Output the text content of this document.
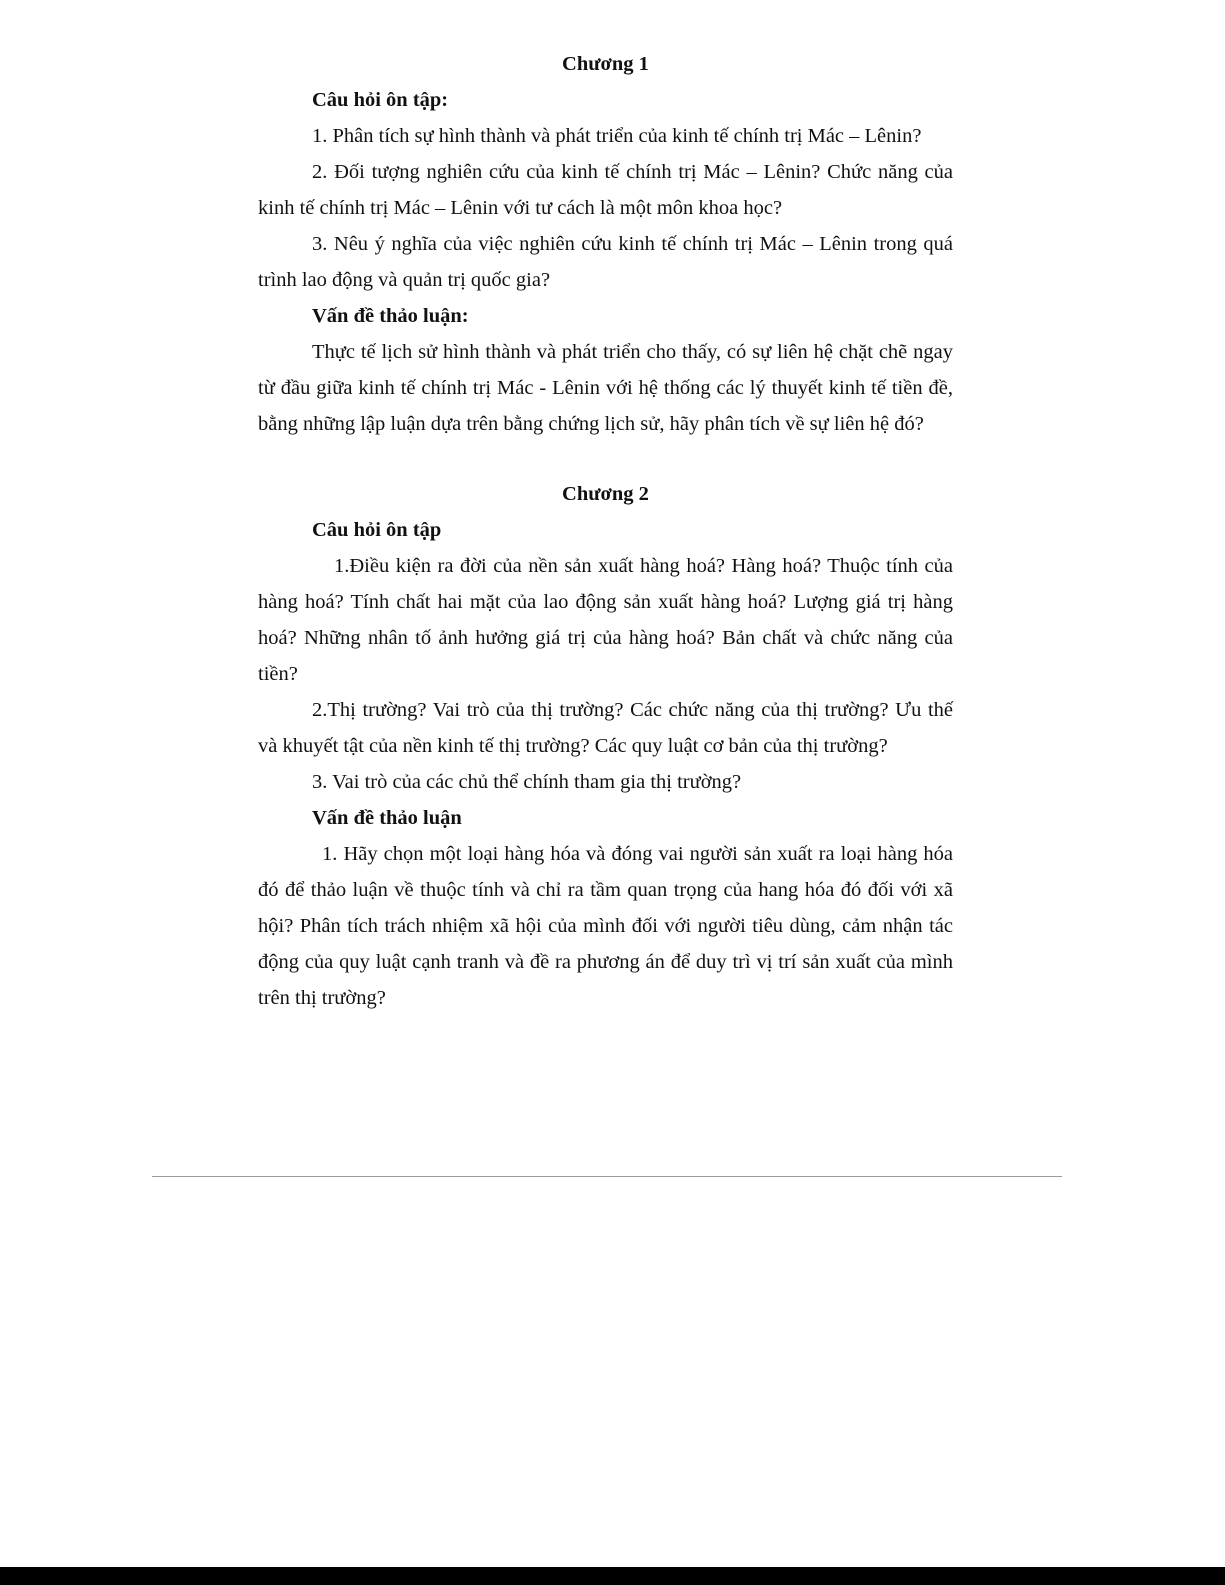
Chương 1

Câu hỏi ôn tập:

1. Phân tích sự hình thành và phát triển của kinh tế chính trị Mác – Lênin?

2. Đối tượng nghiên cứu của kinh tế chính trị Mác – Lênin? Chức năng của kinh tế chính trị Mác – Lênin với tư cách là một môn khoa học?

3. Nêu ý nghĩa của việc nghiên cứu kinh tế chính trị Mác – Lênin trong quá trình lao động và quản trị quốc gia?

Vấn đề thảo luận:

Thực tế lịch sử hình thành và phát triển cho thấy, có sự liên hệ chặt chẽ ngay từ đầu giữa kinh tế chính trị Mác - Lênin với hệ thống các lý thuyết kinh tế tiền đề, bằng những lập luận dựa trên bằng chứng lịch sử, hãy phân tích về sự liên hệ đó?

Chương 2

Câu hỏi ôn tập

1.Điều kiện ra đời của nền sản xuất hàng hoá? Hàng hoá? Thuộc tính của hàng hoá? Tính chất hai mặt của lao động sản xuất hàng hoá? Lượng giá trị hàng hoá? Những nhân tố ảnh hưởng giá trị của hàng hoá? Bản chất và chức năng của tiền?

2.Thị trường? Vai trò của thị trường? Các chức năng của thị trường? Ưu thế và khuyết tật của nền kinh tế thị trường? Các quy luật cơ bản của thị trường?

3. Vai trò của các chủ thể chính tham gia thị trường?

Vấn đề thảo luận

1. Hãy chọn một loại hàng hóa và đóng vai người sản xuất ra loại hàng hóa đó để thảo luận về thuộc tính và chỉ ra tầm quan trọng của hang hóa đó đối với xã hội? Phân tích trách nhiệm xã hội của mình đối với người tiêu dùng, cảm nhận tác động của quy luật cạnh tranh và đề ra phương án để duy trì vị trí sản xuất của mình trên thị trường?
